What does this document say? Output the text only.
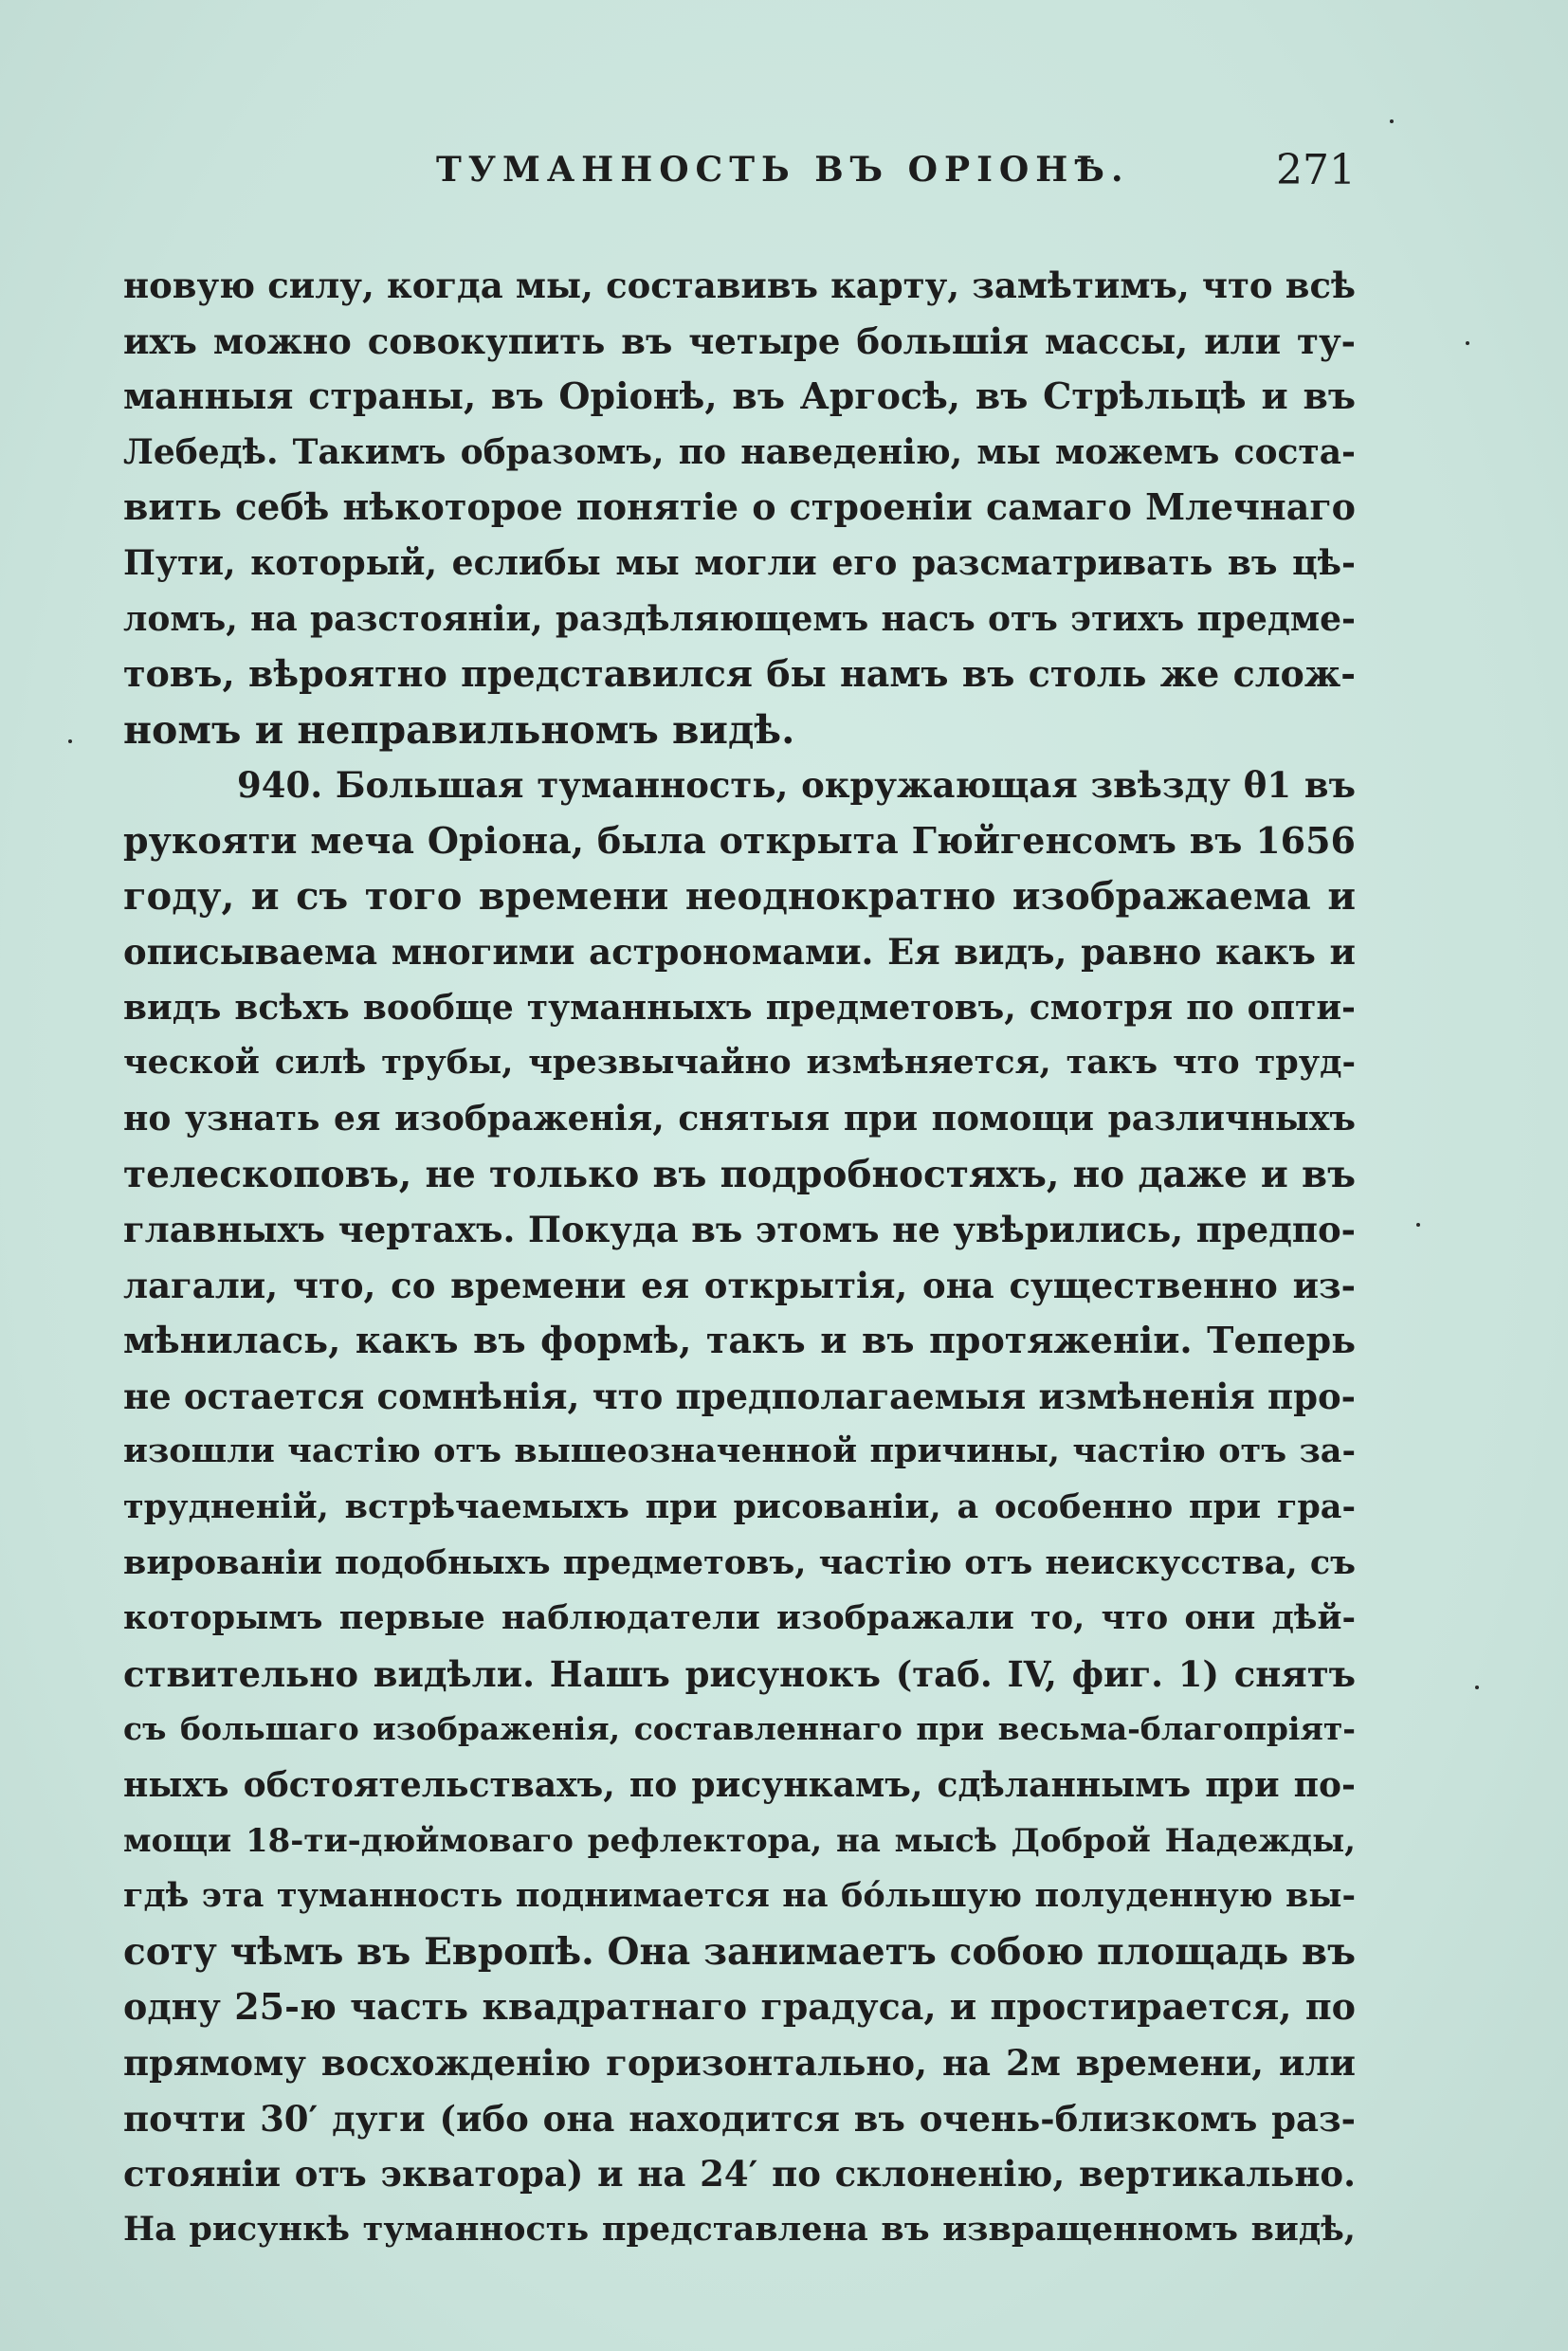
ТУМАННОСТЬ ВЪ ОРІОНѢ.	271
новую силу, когда мы, составивъ карту, замѣтимъ, что всѣ
ихъ можно совокупить въ четыре большія массы, или ту-
манныя страны, въ Оріонѣ, въ Аргосѣ, въ Стрѣльцѣ и въ
Лебедѣ. Такимъ образомъ, по наведенію, мы можемъ соста-
вить себѣ нѣкоторое понятіе о строеніи самаго Млечнаго
Пути, который, еслибы мы могли его разсматривать въ цѣ-
ломъ, на разстояніи, раздѣляющемъ насъ отъ этихъ предме-
товъ, вѣроятно представился бы намъ въ столь же слож-
номъ и неправильномъ видѣ.
940. Большая туманность, окружающая звѣзду θ1 въ
рукояти меча Оріона, была открыта Гюйгенсомъ въ 1656
году, и съ того времени неоднократно изображаема и
описываема многими астрономами. Ея видъ, равно какъ и
видъ всѣхъ вообще туманныхъ предметовъ, смотря по опти-
ческой силѣ трубы, чрезвычайно измѣняется, такъ что труд-
но узнать ея изображенія, снятыя при помощи различныхъ
телескоповъ, не только въ подробностяхъ, но даже и въ
главныхъ чертахъ. Покуда въ этомъ не увѣрились, предпо-
лагали, что, со времени ея открытія, она существенно из-
мѣнилась, какъ въ формѣ, такъ и въ протяженіи. Теперь
не остается сомнѣнія, что предполагаемыя измѣненія про-
изошли частію отъ вышеозначенной причины, частію отъ за-
трудненій, встрѣчаемыхъ при рисованіи, а особенно при гра-
вированіи подобныхъ предметовъ, частію отъ неискусства, съ
которымъ первые наблюдатели изображали то, что они дѣй-
ствительно видѣли. Нашъ рисунокъ (таб. IV, фиг. 1) снятъ
съ большаго изображенія, составленнаго при весьма-благопріят-
ныхъ обстоятельствахъ, по рисункамъ, сдѣланнымъ при по-
мощи 18-ти-дюймоваго рефлектора, на мысѣ Доброй Надежды,
гдѣ эта туманность поднимается на бóльшую полуденную вы-
соту чѣмъ въ Европѣ. Она занимаетъ собою площадь въ
одну 25-ю часть квадратнаго градуса, и простирается, по
прямому восхожденію горизонтально, на 2м времени, или
почти 30′ дуги (ибо она находится въ очень-близкомъ раз-
стояніи отъ экватора) и на 24′ по склоненію, вертикально.
На рисункѣ туманность представлена въ извращенномъ видѣ,
